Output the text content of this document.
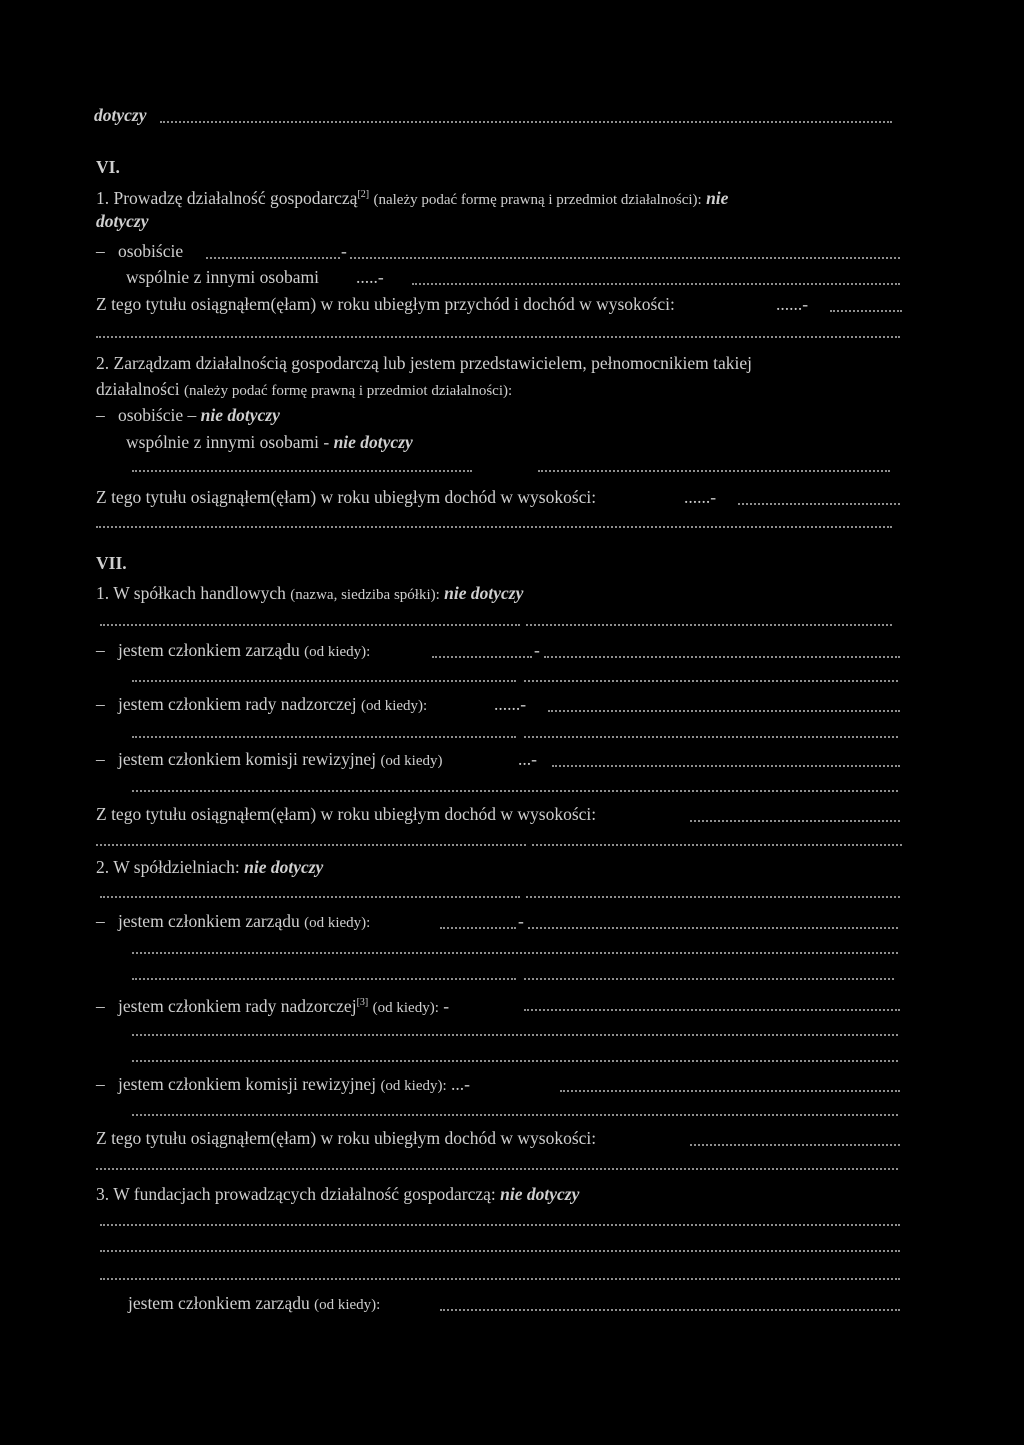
dotyczy
VI.
1. Prowadzę działalność gospodarczą[2] (należy podać formę prawną i przedmiot działalności): nie
dotyczy
– osobiście	-
wspólnie z innymi osobami .....-
Z tego tytułu osiągnąłem(ęłam) w roku ubiegłym przychód i dochód w wysokości:	......-
2. Zarządzam działalnością gospodarczą lub jestem przedstawicielem, pełnomocnikiem takiej
działalności (należy podać formę prawną i przedmiot działalności):
– osobiście – nie dotyczy
wspólnie z innymi osobami - nie dotyczy
Z tego tytułu osiągnąłem(ęłam) w roku ubiegłym dochód w wysokości:	......-
VII.
1. W spółkach handlowych (nazwa, siedziba spółki): nie dotyczy
– jestem członkiem zarządu (od kiedy):	-
– jestem członkiem rady nadzorczej (od kiedy):	......-
– jestem członkiem komisji rewizyjnej (od kiedy)	...-
Z tego tytułu osiągnąłem(ęłam) w roku ubiegłym dochód w wysokości:
2. W spółdzielniach: nie dotyczy
– jestem członkiem zarządu (od kiedy):	-
– jestem członkiem rady nadzorczej[3] (od kiedy): -
– jestem członkiem komisji rewizyjnej (od kiedy): ...-
Z tego tytułu osiągnąłem(ęłam) w roku ubiegłym dochód w wysokości:
3. W fundacjach prowadzących działalność gospodarczą: nie dotyczy
jestem członkiem zarządu (od kiedy):
